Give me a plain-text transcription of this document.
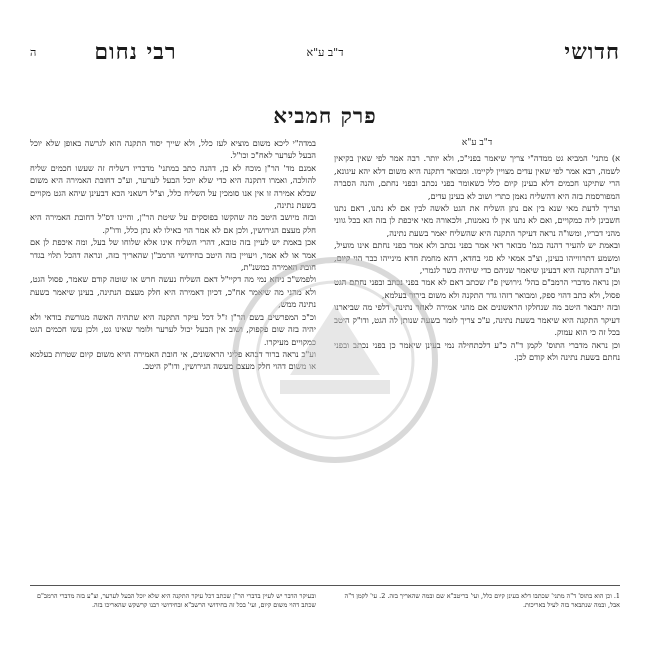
חדושי
ד"ב ע"א
רבי נחום
ה
פרק חמביא
ד"ב ע"א

א) מתני' המביא גט ממדה"י צריך שיאמר בפני"כ, ולא יותר. רבה אמר לפי שאין בקיאין לשמה, רבא אמר לפי שאין עדים מצויין לקיימו. ומבואר דתקנה היא משום דלא יהא עיגונא, הרי שתיקנו חכמים דלא בעינן קיום כלל כשאומר בפני נכתב ובפני נחתם, והנה הסברה המפורסמת בזה היא דהשליח נאמן כתרי ושוב לא בעינן עדים,

וצריך לדעת מאי שנא בין אם נתן השליח את הגט לאשה לבין אם לא נתנו, דאם נתנו חשבינן ליה כמקויים, ואם לא נתנו אין לו נאמנות, ולכאורה מאי איכפת לן בזה הא בכל גווני מהני דבריו, ומשו"ה נראה דעיקר התקנה היא שהשליח יאמר בשעת נתינה,

ובאמת יש להעיר דהנה בגמ' מבואר דאי אמר בפני נכתב ולא אמר בפני נחתם אינו מועיל, ומשמע דתרווייהו בעינן, וצ"ב אמאי לא סגי בחדא, דהא מחמת חדא מינייהו כבר הוי קיום, וע"כ דהתקנה היא דבעינן שיאמר שניהם כדי שיהיה כשר לגמרי,

וכן נראה מדברי הרמב"ם בהל' גירושין פ"ז שכתב דאם לא אמר בפני נכתב ובפני נחתם הגט פסול, ולא כתב דהוי ספק, ומבואר דזהו גדר התקנה ולא משום בירור בעלמא,

ובזה יתבאר היטב מה שנחלקו הראשונים אם מהני אמירה לאחר נתינה, דלפי מה שביארנו דעיקר התקנה היא שיאמר בשעת נתינה, ע"כ צריך לומר בשעה שנותן לה הגט, ודו"ק היטב בכל זה כי הוא עמוק.

וכן נראה מדברי התוס' לקמן ד"ה כ"ע דלכתחילה נמי בעינן שיאמר כן בפני נכתב ובפני נחתם בשעת נתינה ולא קודם לכן.

במדה"י ליכא משום מוציא לעז כלל, ולא שייך יסוד התקנה הוא לגרשה באופן שלא יוכל הבעל לערער לאח"כ וכו"ל.

אמנם מד' הר"ן מוכח לא כן, דהנה כתב במתני' מדבריו דשליח זה שעשו חכמים שליח להולכה, ואמרו דתקנה היא כדי שלא יוכל הבעל לערער, וע"כ דחובת האמירה היא משום שבלא אמירה זו אין אנו סומכין על השליח כלל, וצ"ל דשאני הכא דבעינן שיהא הגט מקויים בשעת נתינה,

ובזה מיושב היטב מה שהקשו בפוסקים על שיטת הר"ן, והיינו דס"ל דחובת האמירה היא חלק מעצם הגירושין, ולכן אם לא אמר הוי כאילו לא נתן כלל, ודו"ק.

אכן באמת יש לעיין בזה טובא, דהרי השליח אינו אלא שלוחו של בעל, ומה איכפת לן אם אמר או לא אמר, ויעויין בזה היטב בחידושי הרמב"ן שהאריך בזה, ונראה דהכל תלוי בגדר חובת האמירה כמשנ"ת,

ולפמש"כ ניחא נמי מה דקיי"ל דאם השליח נעשה חרש או שוטה קודם שאמר, פסול הגט, ולא מהני מה שיאמר אח"כ, דכיון דאמירה היא חלק מעצם הנתינה, בעינן שיאמר בשעת נתינה ממש,

וכ"כ המפרשים בשם הר"ן ז"ל דכל עיקר התקנה היא שתהיה האשה מגורשת בודאי ולא יהיה בזה שום פקפוק, ושוב אין הבעל יכול לערער ולומר שאינו גט, ולכן עשו חכמים הגט כמקויים מעיקרו.

וע"כ נראה ברור דבהא פליגי הראשונים, אי חובת האמירה הויא משום קיום שטרות בעלמא או משום דהוי חלק מעצם מעשה הגירושין, ודו"ק היטב.

1. וכן הוא בתוס' ד"ה מתני' שכתבו דלא בעינן קיום כלל, ועי' בריטב"א שם ובמה שהאריך בזה. 2. עי' לקמן ד"ה אבל, ובמה שנתבאר בזה לעיל באריכות.

ובעיקר הדבר יש לעיין בדברי הר"ן שכתב דכל עיקר התקנה היא שלא יוכל הבעל לערער, וצ"ע בזה מדברי הרמב"ם שכתב דהוי משום קיום, ועי' בכל זה בחידושי הרשב"א ובחידושי רבנו קרשקש שהאריכו בזה.
